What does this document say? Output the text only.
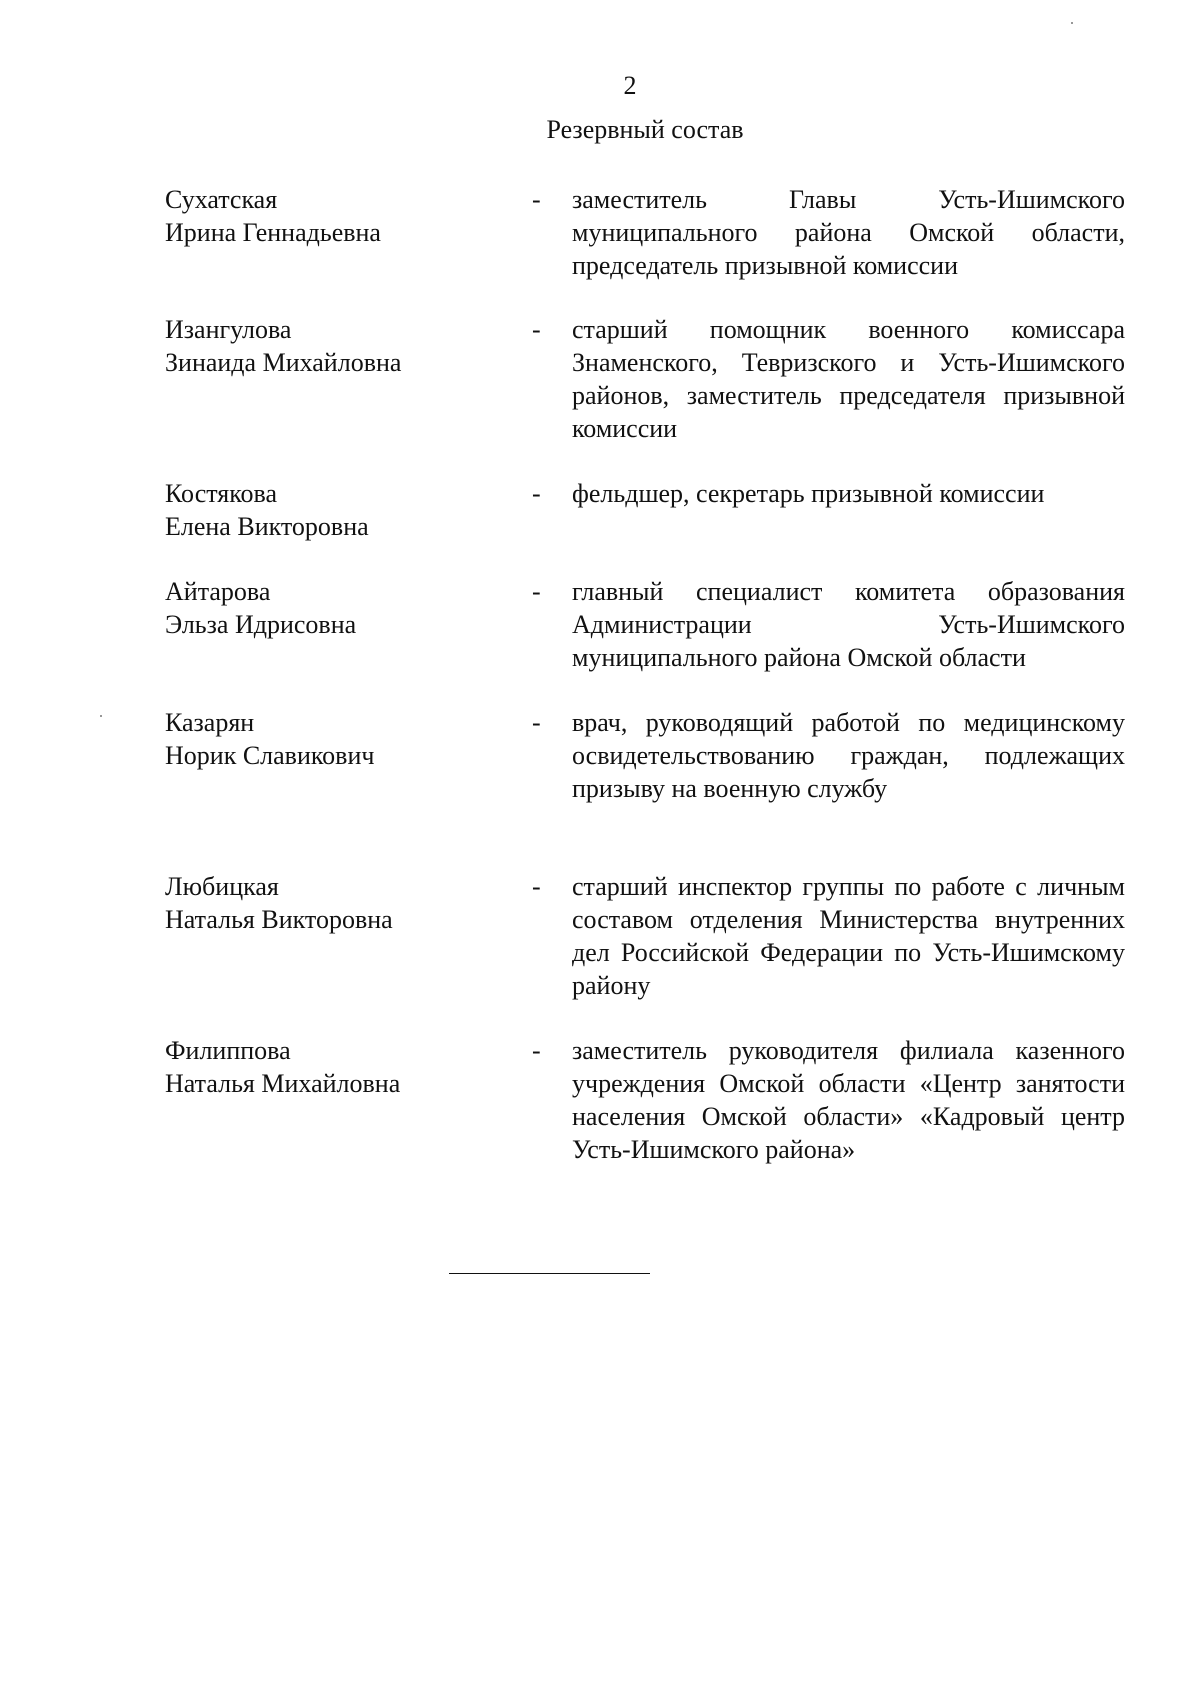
2
Резервный состав
Сухатская
Ирина Геннадьевна
-	заместитель Главы Усть-Ишимского муниципального района Омской области, председатель призывной комиссии
Изангулова
Зинаида Михайловна
-	старший помощник военного комиссара Знаменского, Тевризского и Усть-Ишимского районов, заместитель председателя призывной комиссии
Костякова
Елена Викторовна
-	фельдшер, секретарь призывной комиссии
Айтарова
Эльза Идрисовна
-	главный специалист комитета образования Администрации Усть-Ишимского муниципального района Омской области
Казарян
Норик Славикович
-	врач, руководящий работой по медицинскому освидетельствованию граждан, подлежащих призыву на военную службу
Любицкая
Наталья Викторовна
-	старший инспектор группы по работе с личным составом отделения Министерства внутренних дел Российской Федерации по Усть-Ишимскому району
Филиппова
Наталья Михайловна
-	заместитель руководителя филиала казенного учреждения Омской области «Центр занятости населения Омской области» «Кадровый центр Усть-Ишимского района»
